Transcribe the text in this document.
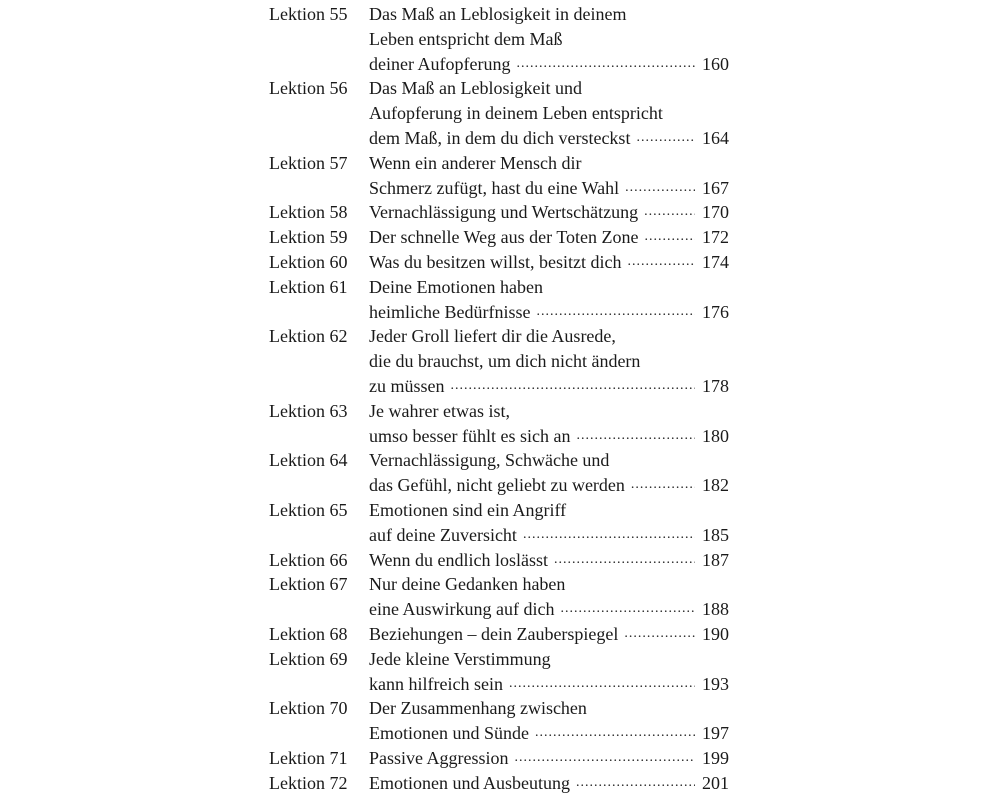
Lektion 55	Das Maß an Leblosigkeit in deinem
Leben entspricht dem Maß
deiner Aufopferung .....	160
Lektion 56	Das Maß an Leblosigkeit und
Aufopferung in deinem Leben entspricht
dem Maß, in dem du dich versteckst .....	164
Lektion 57	Wenn ein anderer Mensch dir
Schmerz zufügt, hast du eine Wahl .....	167
Lektion 58	Vernachlässigung und Wertschätzung .....	170
Lektion 59	Der schnelle Weg aus der Toten Zone .....	172
Lektion 60	Was du besitzen willst, besitzt dich .....	174
Lektion 61	Deine Emotionen haben
heimliche Bedürfnisse .....	176
Lektion 62	Jeder Groll liefert dir die Ausrede,
die du brauchst, um dich nicht ändern
zu müssen .....	178
Lektion 63	Je wahrer etwas ist,
umso besser fühlt es sich an .....	180
Lektion 64	Vernachlässigung, Schwäche und
das Gefühl, nicht geliebt zu werden .....	182
Lektion 65	Emotionen sind ein Angriff
auf deine Zuversicht .....	185
Lektion 66	Wenn du endlich loslässt .....	187
Lektion 67	Nur deine Gedanken haben
eine Auswirkung auf dich .....	188
Lektion 68	Beziehungen – dein Zauberspiegel .....	190
Lektion 69	Jede kleine Verstimmung
kann hilfreich sein .....	193
Lektion 70	Der Zusammenhang zwischen
Emotionen und Sünde .....	197
Lektion 71	Passive Aggression .....	199
Lektion 72	Emotionen und Ausbeutung .....	201
